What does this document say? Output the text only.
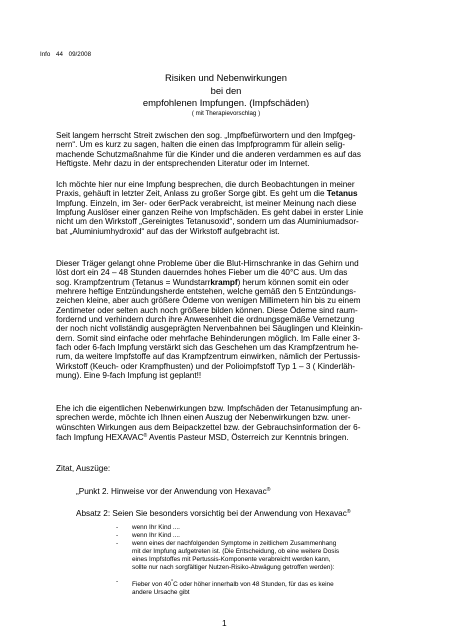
Info 44 09/2008
Risiken und Nebenwirkungen
bei den
empfohlenen Impfungen. (Impfschäden)
( mit Therapievorschlag )
Seit langem herrscht Streit zwischen den sog. „Impfbefürwortern und den Impfgeg-
nern“. Um es kurz zu sagen, halten die einen das Impfprogramm für allein selig-
machende Schutzmaßnahme für die Kinder und die anderen verdammen es auf das
Heftigste. Mehr dazu in der entsprechenden Literatur oder im Internet.
Ich möchte hier nur eine Impfung besprechen, die durch Beobachtungen in meiner
Praxis, gehäuft in letzter Zeit, Anlass zu großer Sorge gibt. Es geht um die Tetanus
Impfung. Einzeln, im 3er- oder 6erPack verabreicht, ist meiner Meinung nach diese
Impfung Auslöser einer ganzen Reihe von Impfschäden. Es geht dabei in erster Linie
nicht um den Wirkstoff „Gereinigtes Tetanusoxid“, sondern um das Aluminiumadsor-
bat „Aluminiumhydroxid“ auf das der Wirkstoff aufgebracht ist.
Dieser Träger gelangt ohne Probleme über die Blut-Hirnschranke in das Gehirn und
löst dort ein 24 – 48 Stunden dauerndes hohes Fieber um die 40°C aus. Um das
sog. Krampfzentrum (Tetanus = Wundstarrkrampf) herum können somit ein oder
mehrere heftige Entzündungsherde entstehen, welche gemäß den 5 Entzündungs-
zeichen kleine, aber auch größere Ödeme von wenigen Millimetern hin bis zu einem
Zentimeter oder selten auch noch größere bilden können. Diese Ödeme sind raum-
fordernd und verhindern durch ihre Anwesenheit die ordnungsgemäße Vernetzung
der noch nicht vollständig ausgeprägten Nervenbahnen bei Säuglingen und Kleinkin-
dern. Somit sind einfache oder mehrfache Behinderungen möglich. Im Falle einer 3-
fach oder 6-fach Impfung verstärkt sich das Geschehen um das Krampfzentrum he-
rum, da weitere Impfstoffe auf das Krampfzentrum einwirken, nämlich der Pertussis-
Wirkstoff (Keuch- oder Krampfhusten) und der Polioimpfstoff Typ 1 – 3 ( Kinderläh-
mung). Eine 9-fach Impfung ist geplant!!
Ehe ich die eigentlichen Nebenwirkungen bzw. Impfschäden der Tetanusimpfung an-
sprechen werde, möchte ich Ihnen einen Auszug der Nebenwirkungen bzw. uner-
wünschten Wirkungen aus dem Beipackzettel bzw. der Gebrauchsinformation der 6-
fach Impfung HEXAVAC® Aventis Pasteur MSD, Österreich zur Kenntnis bringen.
Zitat, Auszüge:
„Punkt 2. Hinweise vor der Anwendung von Hexavac®
Absatz 2: Seien Sie besonders vorsichtig bei der Anwendung von Hexavac®
- wenn Ihr Kind ....
- wenn Ihr Kind ....
- wenn eines der nachfolgenden Symptome in zeitlichem Zusammenhang
mit der Impfung aufgetreten ist. (Die Entscheidung, ob eine weitere Dosis
eines Impfstoffes mit Pertussis-Komponente verabreicht werden kann,
sollte nur nach sorgfältiger Nutzen-Risiko-Abwägung getroffen werden):
- Fieber von 40°C oder höher innerhalb von 48 Stunden, für das es keine
andere Ursache gibt
1
